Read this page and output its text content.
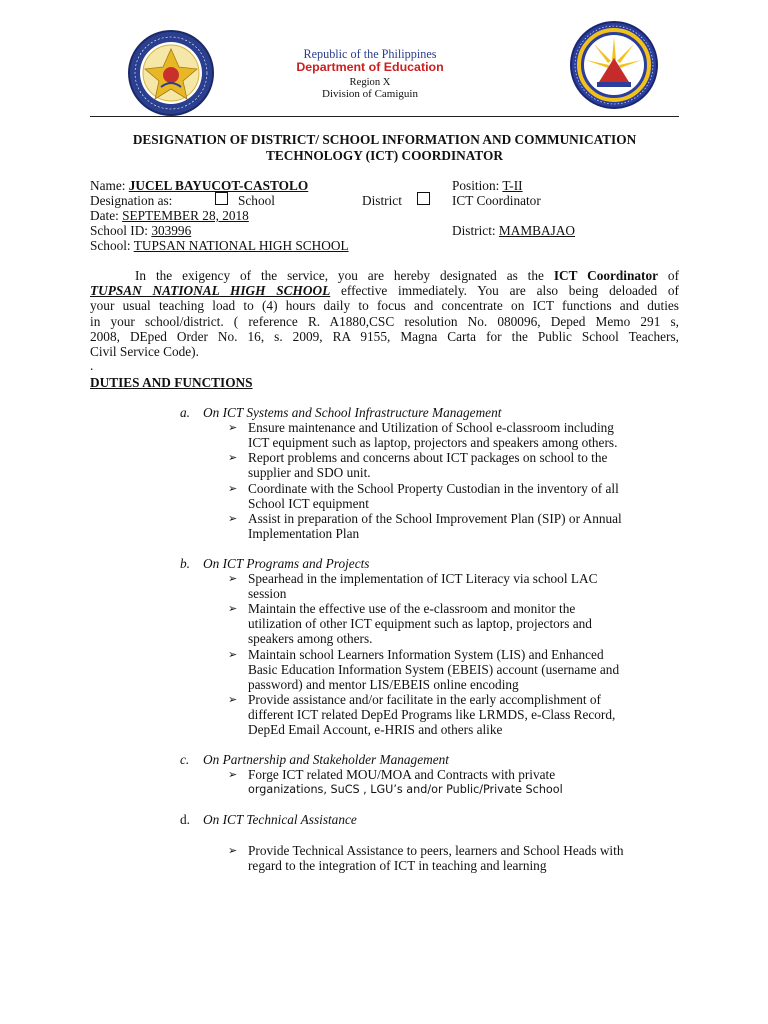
Republic of the Philippines
Department of Education
Region X
Division of Camiguin
DESIGNATION OF DISTRICT/ SCHOOL INFORMATION AND COMMUNICATION
TECHNOLOGY (ICT) COORDINATOR
Name: JUCEL BAYUCOT-CASTOLO	Position: T-II
Designation as:	School	District	ICT Coordinator
Date: SEPTEMBER 28, 2018
School ID: 303996	District: MAMBAJAO
School: TUPSAN NATIONAL HIGH SCHOOL

In the exigency of the service, you are hereby designated as the ICT Coordinator of

TUPSAN NATIONAL HIGH SCHOOL effective immediately. You are also being deloaded of

your usual teaching load to (4) hours daily to focus and concentrate on ICT functions and duties

in your school/district. ( reference R. A1880,CSC resolution No. 080096, Deped Memo 291 s,

2008, DEped Order No. 16, s. 2009, RA 9155, Magna Carta for the Public School Teachers,

Civil Service Code).

.

DUTIES AND FUNCTIONS
a. On ICT Systems and School Infrastructure Management
➢ Ensure maintenance and Utilization of School e-classroom including
ICT equipment such as laptop, projectors and speakers among others.
➢ Report problems and concerns about ICT packages on school to the
supplier and SDO unit.
➢ Coordinate with the School Property Custodian in the inventory of all
School ICT equipment
➢ Assist in preparation of the School Improvement Plan (SIP) or Annual
Implementation Plan
b. On ICT Programs and Projects
➢ Spearhead in the implementation of ICT Literacy via school LAC
session
➢ Maintain the effective use of the e-classroom and monitor the
utilization of other ICT equipment such as laptop, projectors and
speakers among others.
➢ Maintain school Learners Information System (LIS) and Enhanced
Basic Education Information System (EBEIS) account (username and
password) and mentor LIS/EBEIS online encoding
➢ Provide assistance and/or facilitate in the early accomplishment of
different ICT related DepEd Programs like LRMDS, e-Class Record,
DepEd Email Account, e-HRIS and others alike
c. On Partnership and Stakeholder Management
➢ Forge ICT related MOU/MOA and Contracts with private
organizations, SuCS , LGU’s and/or Public/Private School
d. On ICT Technical Assistance
➢ Provide Technical Assistance to peers, learners and School Heads with
regard to the integration of ICT in teaching and learning
